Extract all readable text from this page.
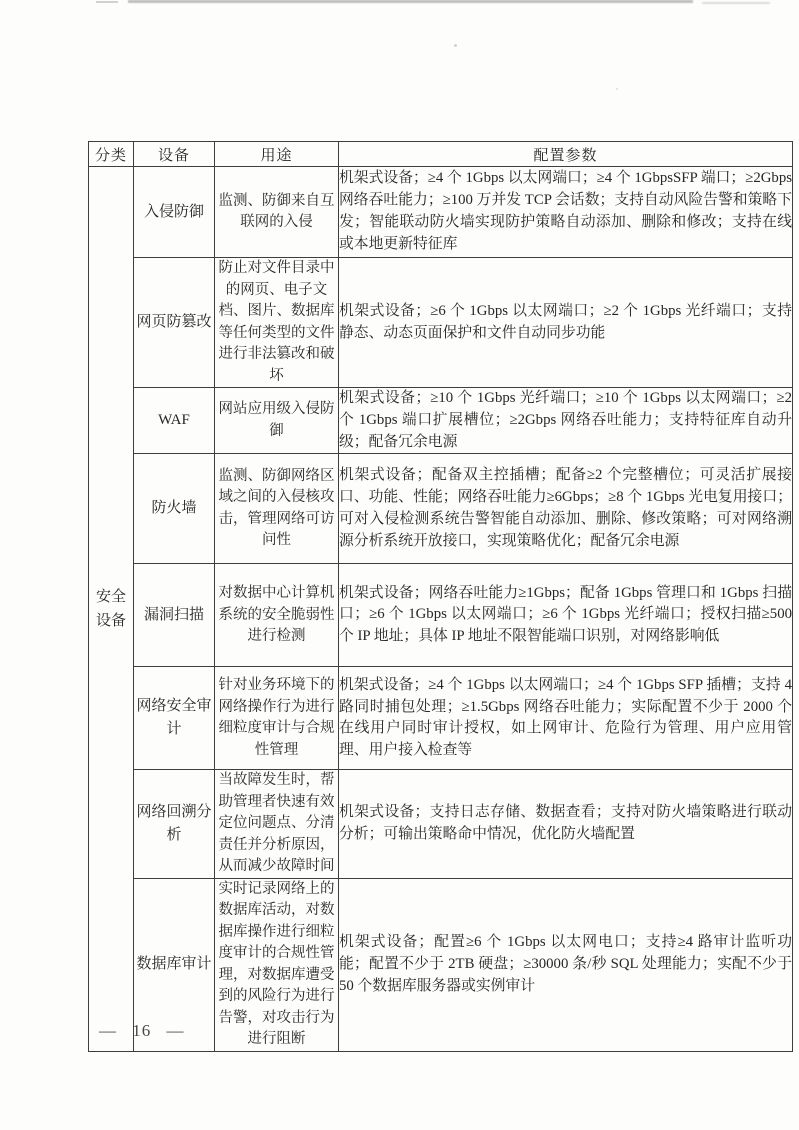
分类	设备	用途	配置参数
安全设备	入侵防御	监测、防御来自互联网的入侵	机架式设备；≥4 个 1Gbps 以太网端口；≥4 个 1GbpsSFP 端口；≥2Gbps 网络吞吐能力；≥100 万并发 TCP 会话数；支持自动风险告警和策略下发；智能联动防火墙实现防护策略自动添加、删除和修改；支持在线或本地更新特征库
	网页防篡改	防止对文件目录中的网页、电子文档、图片、数据库等任何类型的文件进行非法篡改和破坏	机架式设备；≥6 个 1Gbps 以太网端口；≥2 个 1Gbps 光纤端口；支持静态、动态页面保护和文件自动同步功能
	WAF	网站应用级入侵防御	机架式设备；≥10 个 1Gbps 光纤端口；≥10 个 1Gbps 以太网端口；≥2 个 1Gbps 端口扩展槽位；≥2Gbps 网络吞吐能力；支持特征库自动升级；配备冗余电源
	防火墙	监测、防御网络区域之间的入侵核攻击，管理网络可访问性	机架式设备；配备双主控插槽；配备≥2 个完整槽位；可灵活扩展接口、功能、性能；网络吞吐能力≥6Gbps；≥8 个 1Gbps 光电复用接口；可对入侵检测系统告警智能自动添加、删除、修改策略；可对网络溯源分析系统开放接口，实现策略优化；配备冗余电源
	漏洞扫描	对数据中心计算机系统的安全脆弱性进行检测	机架式设备；网络吞吐能力≥1Gbps；配备 1Gbps 管理口和 1Gbps 扫描口；≥6 个 1Gbps 以太网端口；≥6 个 1Gbps 光纤端口；授权扫描≥500 个 IP 地址；具体 IP 地址不限智能端口识别，对网络影响低
	网络安全审计	针对业务环境下的网络操作行为进行细粒度审计与合规性管理	机架式设备；≥4 个 1Gbps 以太网端口；≥4 个 1Gbps SFP 插槽；支持 4 路同时捕包处理；≥1.5Gbps 网络吞吐能力；实际配置不少于 2000 个在线用户同时审计授权，如上网审计、危险行为管理、用户应用管理、用户接入检查等
	网络回溯分析	当故障发生时，帮助管理者快速有效定位问题点、分清责任并分析原因，从而减少故障时间	机架式设备；支持日志存储、数据查看；支持对防火墙策略进行联动分析；可输出策略命中情况，优化防火墙配置
	数据库审计	实时记录网络上的数据库活动，对数据库操作进行细粒度审计的合规性管理，对数据库遭受到的风险行为进行告警，对攻击行为进行阻断	机架式设备；配置≥6 个 1Gbps 以太网电口；支持≥4 路审计监听功能；配置不少于 2TB 硬盘；≥30000 条/秒 SQL 处理能力；实配不少于 50 个数据库服务器或实例审计
— 16 —
